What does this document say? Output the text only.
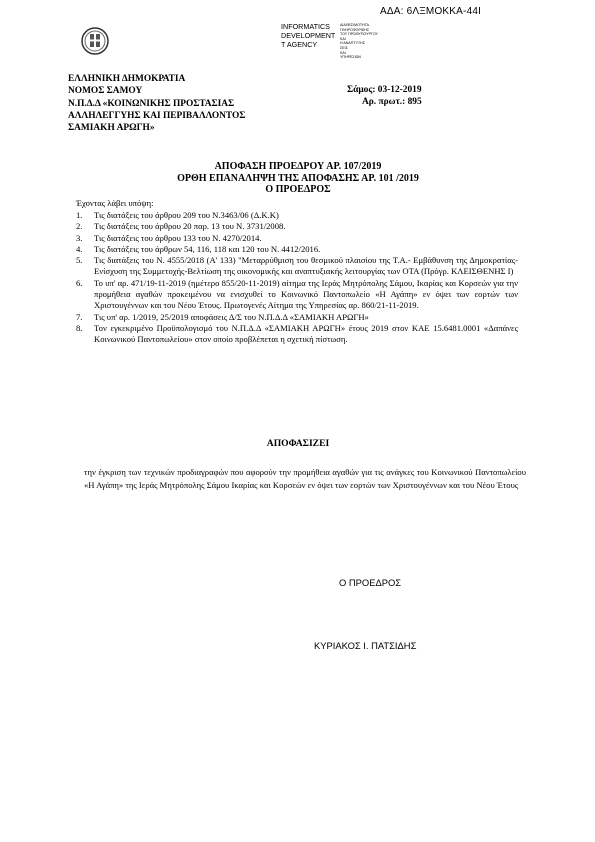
ΑΔΑ: 6ΛΞΜΟΚΚΑ-44Ι
INFORMATICS
DEVELOPMENT
T AGENCY
ΔΙΑΘΕΣΙΜΟΤΗΤΑ
ΠΛΗΡΟΦΟΡΙΚΗΣ
ΤΟΥ ΠΡΩΘΥΠΟΥΡΓΟΥ
ΚΑΙ
Η ΑΝΑΠΤΥΞΗΣ
ΣΕΙΣ
ΚΑΙ
ΥΠΗΡΕΣΙΩΝ
ΕΛΛΗΝΙΚΗ ΔΗΜΟΚΡΑΤΙΑ
ΝΟΜΟΣ ΣΑΜΟΥ
Ν.Π.Δ.Δ «ΚΟΙΝΩΝΙΚΗΣ ΠΡΟΣΤΑΣΙΑΣ
ΑΛΛΗΛΕΓΓΥΗΣ ΚΑΙ ΠΕΡΙΒΑΛΛΟΝΤΟΣ
ΣΑΜΙΑΚΗ ΑΡΩΓΗ»
Σάμος: 03-12-2019
Αρ. πρωτ.: 895
ΑΠΟΦΑΣΗ ΠΡΟΕΔΡΟΥ ΑΡ. 107/2019
ΟΡΘΗ ΕΠΑΝΑΛΗΨΗ ΤΗΣ ΑΠΟΦΑΣΗΣ ΑΡ. 101 /2019
Ο ΠΡΟΕΔΡΟΣ
Έχοντας λάβει υπόψη:
1. Τις διατάξεις του άρθρου 209 του Ν.3463/06 (Δ.Κ.Κ)
2. Τις διατάξεις του άρθρου 20 παρ. 13 του Ν. 3731/2008.
3. Τις διατάξεις του άρθρου 133 του Ν. 4270/2014.
4. Τις διατάξεις του άρθρων 54, 116, 118 και 120 του Ν. 4412/2016.
5. Τις διατάξεις του Ν. 4555/2018 (Α' 133) "Μεταρρύθμιση του θεσμικού πλαισίου της Τ.Α.- Εμβάθυνση της Δημοκρατίας-Ενίσχυση της Συμμετοχής-Βελτίωση της οικονομικής και αναπτυξιακής λειτουργίας των ΟΤΑ (Πρόγρ. ΚΛΕΙΣΘΕΝΗΣ Ι)
6. Το υπ' αρ. 471/19-11-2019 (ημέτερο 855/20-11-2019) αίτημα της Ιεράς Μητρόπολης Σάμου, Ικαρίας και Κορσεών για την προμήθεια αγαθών προκειμένου να ενισχυθεί το Κοινωνικό Παντοπωλείο «Η Αγάπη» εν όψει των εορτών των Χριστουγέννων και του Νέου Έτους. Πρωτογενές Αίτημα της Υπηρεσίας αρ. 860/21-11-2019.
7. Τις υπ' αρ. 1/2019, 25/2019 αποφάσεις Δ/Σ του Ν.Π.Δ.Δ «ΣΑΜΙΑΚΗ ΑΡΩΓΗ»
8. Τον εγκεκριμένο Προϋπολογισμό του Ν.Π.Δ.Δ «ΣΑΜΙΑΚΗ ΑΡΩΓΗ» έτους 2019 στον ΚΑΕ 15.6481.0001 «Δαπάνες Κοινωνικού Παντοπωλείου» στον οποίο προβλέπεται η σχετική πίστωση.
ΑΠΟΦΑΣΙΖΕΙ
την έγκριση των τεχνικών προδιαγραφών που αφορούν την προμήθεια αγαθών για τις ανάγκες του Κοινωνικού Παντοπωλείου «Η Αγάπη» της Ιεράς Μητρόπολης Σάμου Ικαρίας και Κορσεών εν όψει των εορτών των Χριστουγέννων και του Νέου Έτους
Ο ΠΡΟΕΔΡΟΣ
ΚΥΡΙΑΚΟΣ Ι. ΠΑΤΣΙΔΗΣ
